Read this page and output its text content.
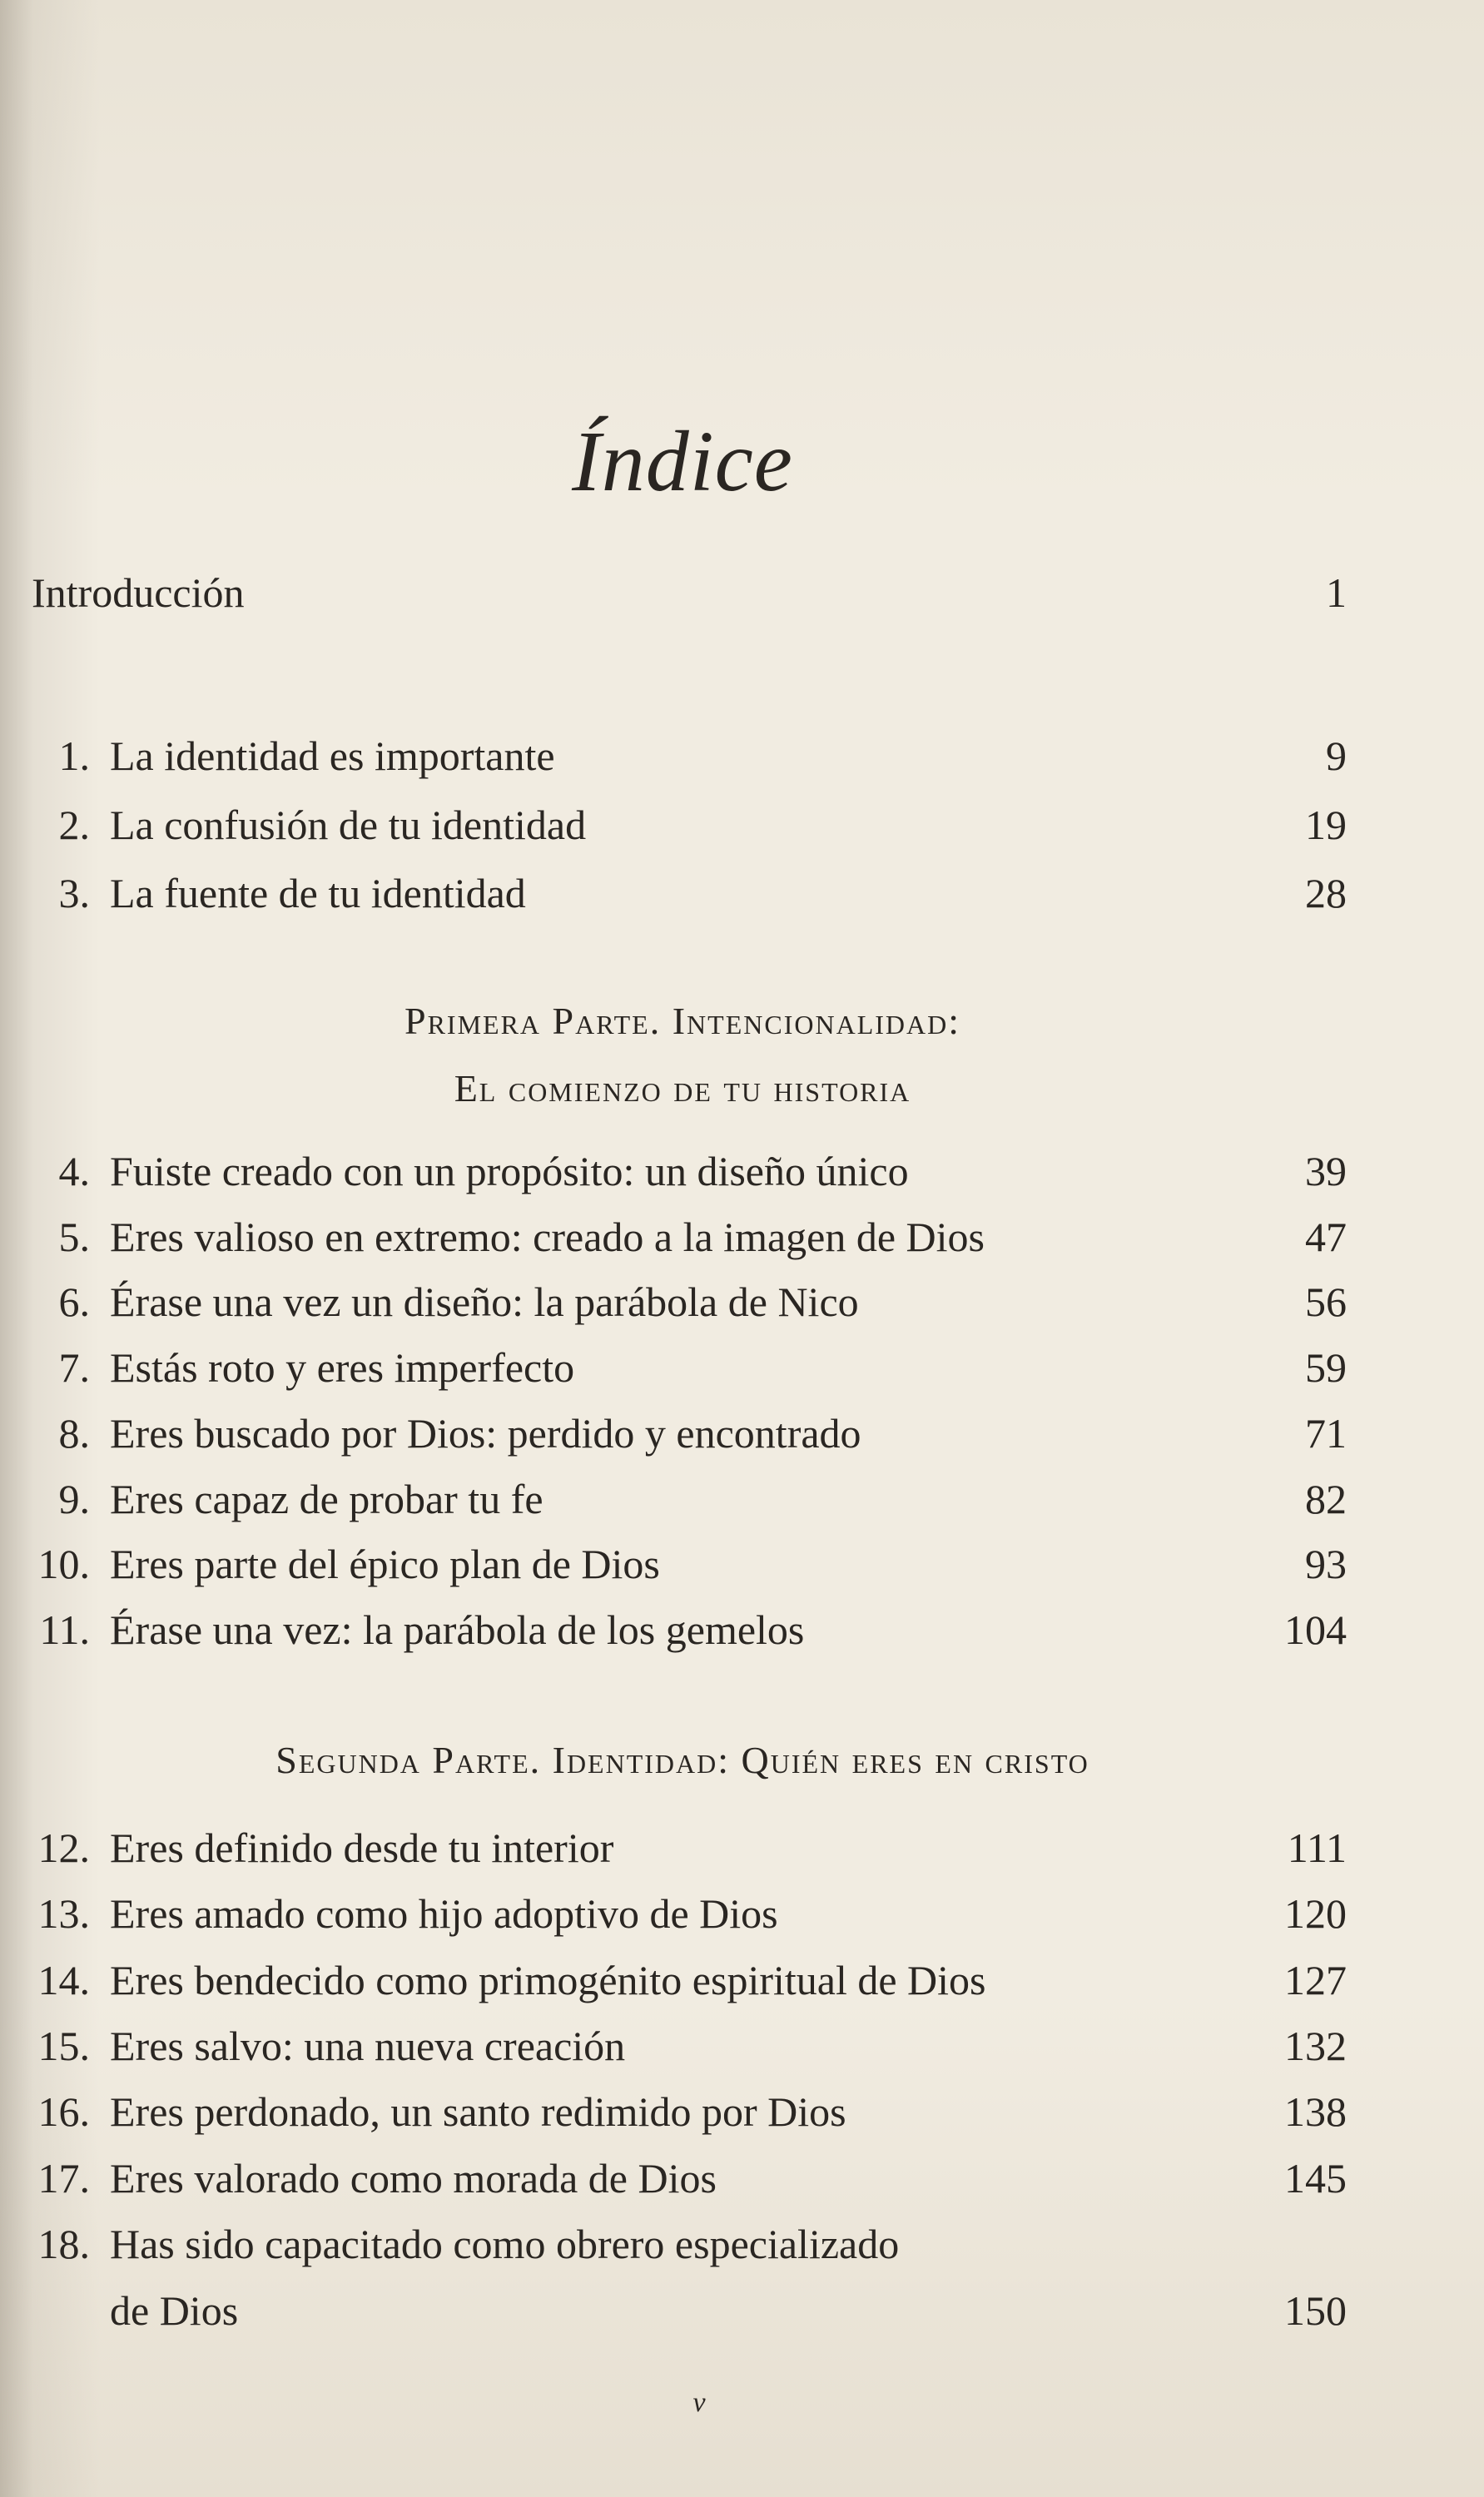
Índice
Introducción	1
1. La identidad es importante	9
2. La confusión de tu identidad	19
3. La fuente de tu identidad	28
Primera Parte. Intencionalidad:
El comienzo de tu historia
4. Fuiste creado con un propósito: un diseño único	39
5. Eres valioso en extremo: creado a la imagen de Dios	47
6. Érase una vez un diseño: la parábola de Nico	56
7. Estás roto y eres imperfecto	59
8. Eres buscado por Dios: perdido y encontrado	71
9. Eres capaz de probar tu fe	82
10. Eres parte del épico plan de Dios	93
11. Érase una vez: la parábola de los gemelos	104
Segunda Parte. Identidad: Quién eres en cristo
12. Eres definido desde tu interior	111
13. Eres amado como hijo adoptivo de Dios	120
14. Eres bendecido como primogénito espiritual de Dios	127
15. Eres salvo: una nueva creación	132
16. Eres perdonado, un santo redimido por Dios	138
17. Eres valorado como morada de Dios	145
18. Has sido capacitado como obrero especializado
de Dios	150
v
